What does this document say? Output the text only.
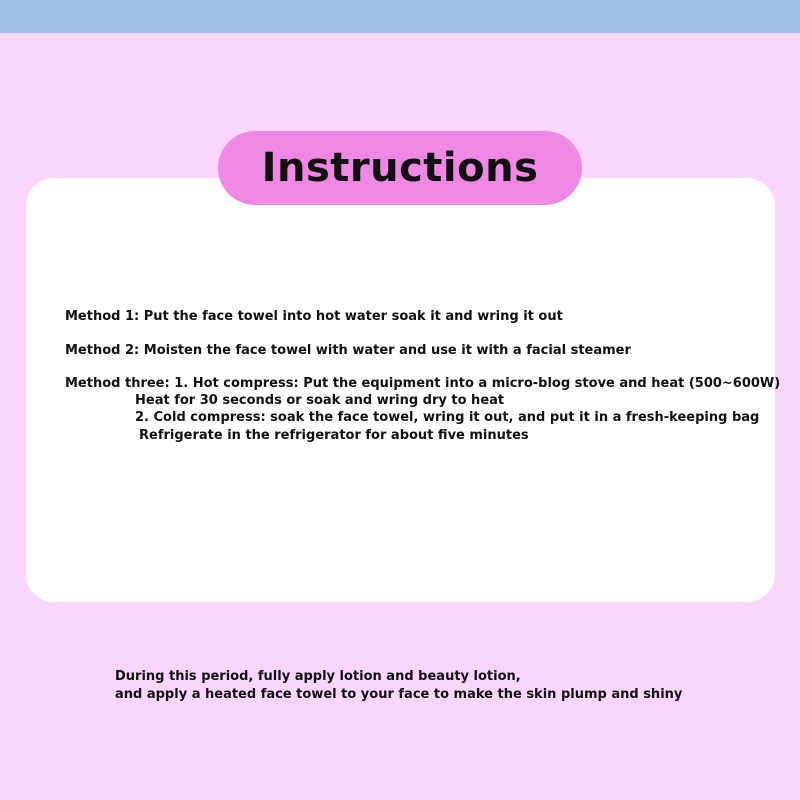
Instructions
Method 1: Put the face towel into hot water soak it and wring it out
Method 2: Moisten the face towel with water and use it with a facial steamer
Method three: 1. Hot compress: Put the equipment into a micro-blog stove and heat (500~600W)
Heat for 30 seconds or soak and wring dry to heat
2. Cold compress: soak the face towel, wring it out, and put it in a fresh-keeping bag
Refrigerate in the refrigerator for about five minutes
During this period, fully apply lotion and beauty lotion,
and apply a heated face towel to your face to make the skin plump and shiny
